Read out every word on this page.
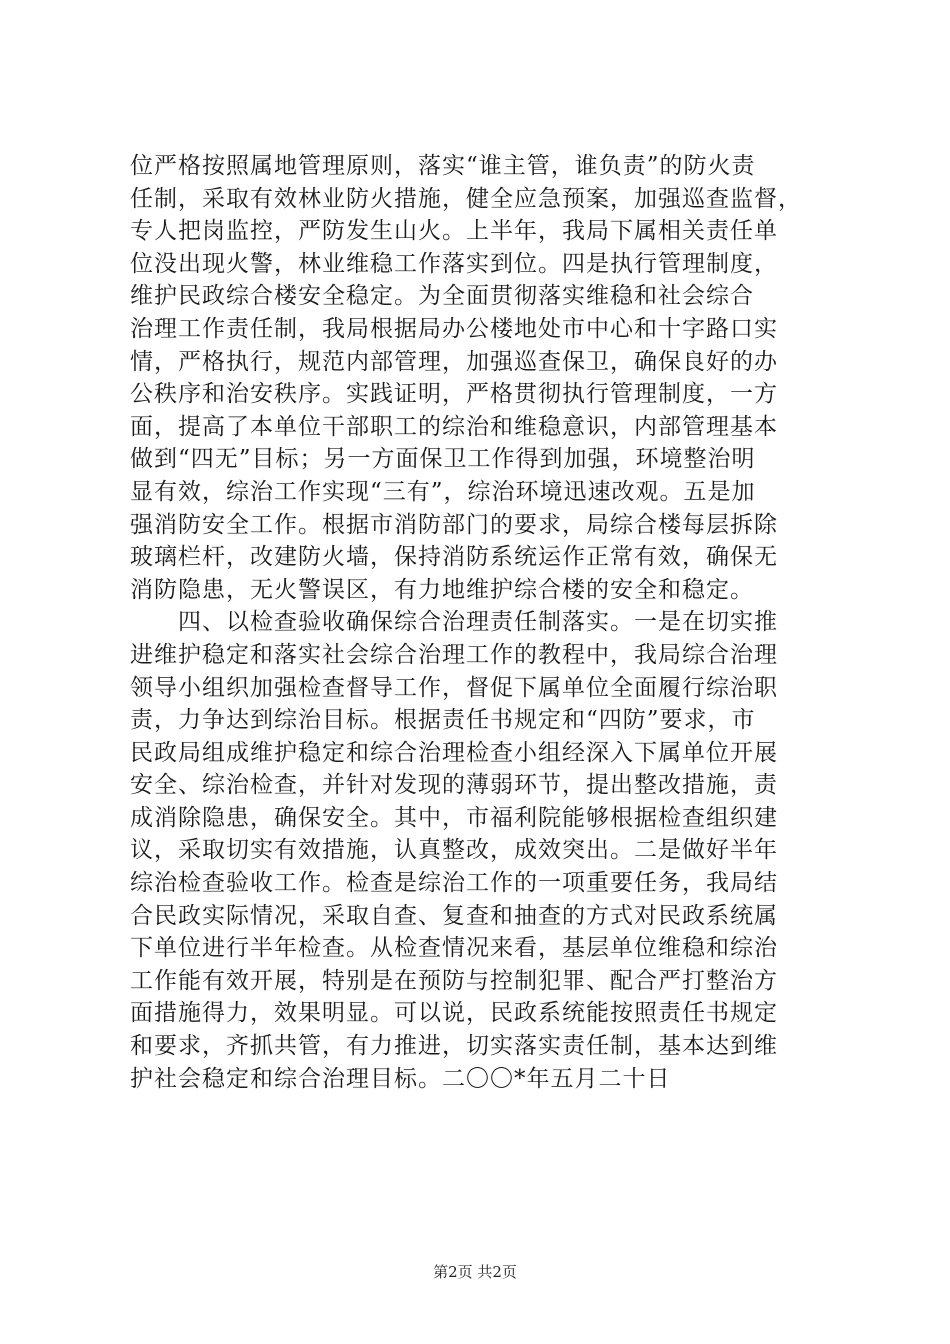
位严格按照属地管理原则，落实“谁主管，谁负责”的防火责
任制，采取有效林业防火措施，健全应急预案，加强巡查监督，
专人把岗监控，严防发生山火。上半年，我局下属相关责任单
位没出现火警，林业维稳工作落实到位。四是执行管理制度，
维护民政综合楼安全稳定。为全面贯彻落实维稳和社会综合
治理工作责任制，我局根据局办公楼地处市中心和十字路口实
情，严格执行，规范内部管理，加强巡查保卫，确保良好的办
公秩序和治安秩序。实践证明，严格贯彻执行管理制度，一方
面，提高了本单位干部职工的综治和维稳意识，内部管理基本
做到“四无”目标；另一方面保卫工作得到加强，环境整治明
显有效，综治工作实现“三有”，综治环境迅速改观。五是加
强消防安全工作。根据市消防部门的要求，局综合楼每层拆除
玻璃栏杆，改建防火墙，保持消防系统运作正常有效，确保无
消防隐患，无火警误区，有力地维护综合楼的安全和稳定。
　　四、以检查验收确保综合治理责任制落实。一是在切实推
进维护稳定和落实社会综合治理工作的教程中，我局综合治理
领导小组织加强检查督导工作，督促下属单位全面履行综治职
责，力争达到综治目标。根据责任书规定和“四防”要求，市
民政局组成维护稳定和综合治理检查小组经深入下属单位开展
安全、综治检查，并针对发现的薄弱环节，提出整改措施，责
成消除隐患，确保安全。其中，市福利院能够根据检查组织建
议，采取切实有效措施，认真整改，成效突出。二是做好半年
综治检查验收工作。检查是综治工作的一项重要任务，我局结
合民政实际情况，采取自查、复查和抽查的方式对民政系统属
下单位进行半年检查。从检查情况来看，基层单位维稳和综治
工作能有效开展，特别是在预防与控制犯罪、配合严打整治方
面措施得力，效果明显。可以说，民政系统能按照责任书规定
和要求，齐抓共管，有力推进，切实落实责任制，基本达到维
护社会稳定和综合治理目标。二〇〇*年五月二十日
第2页 共2页
